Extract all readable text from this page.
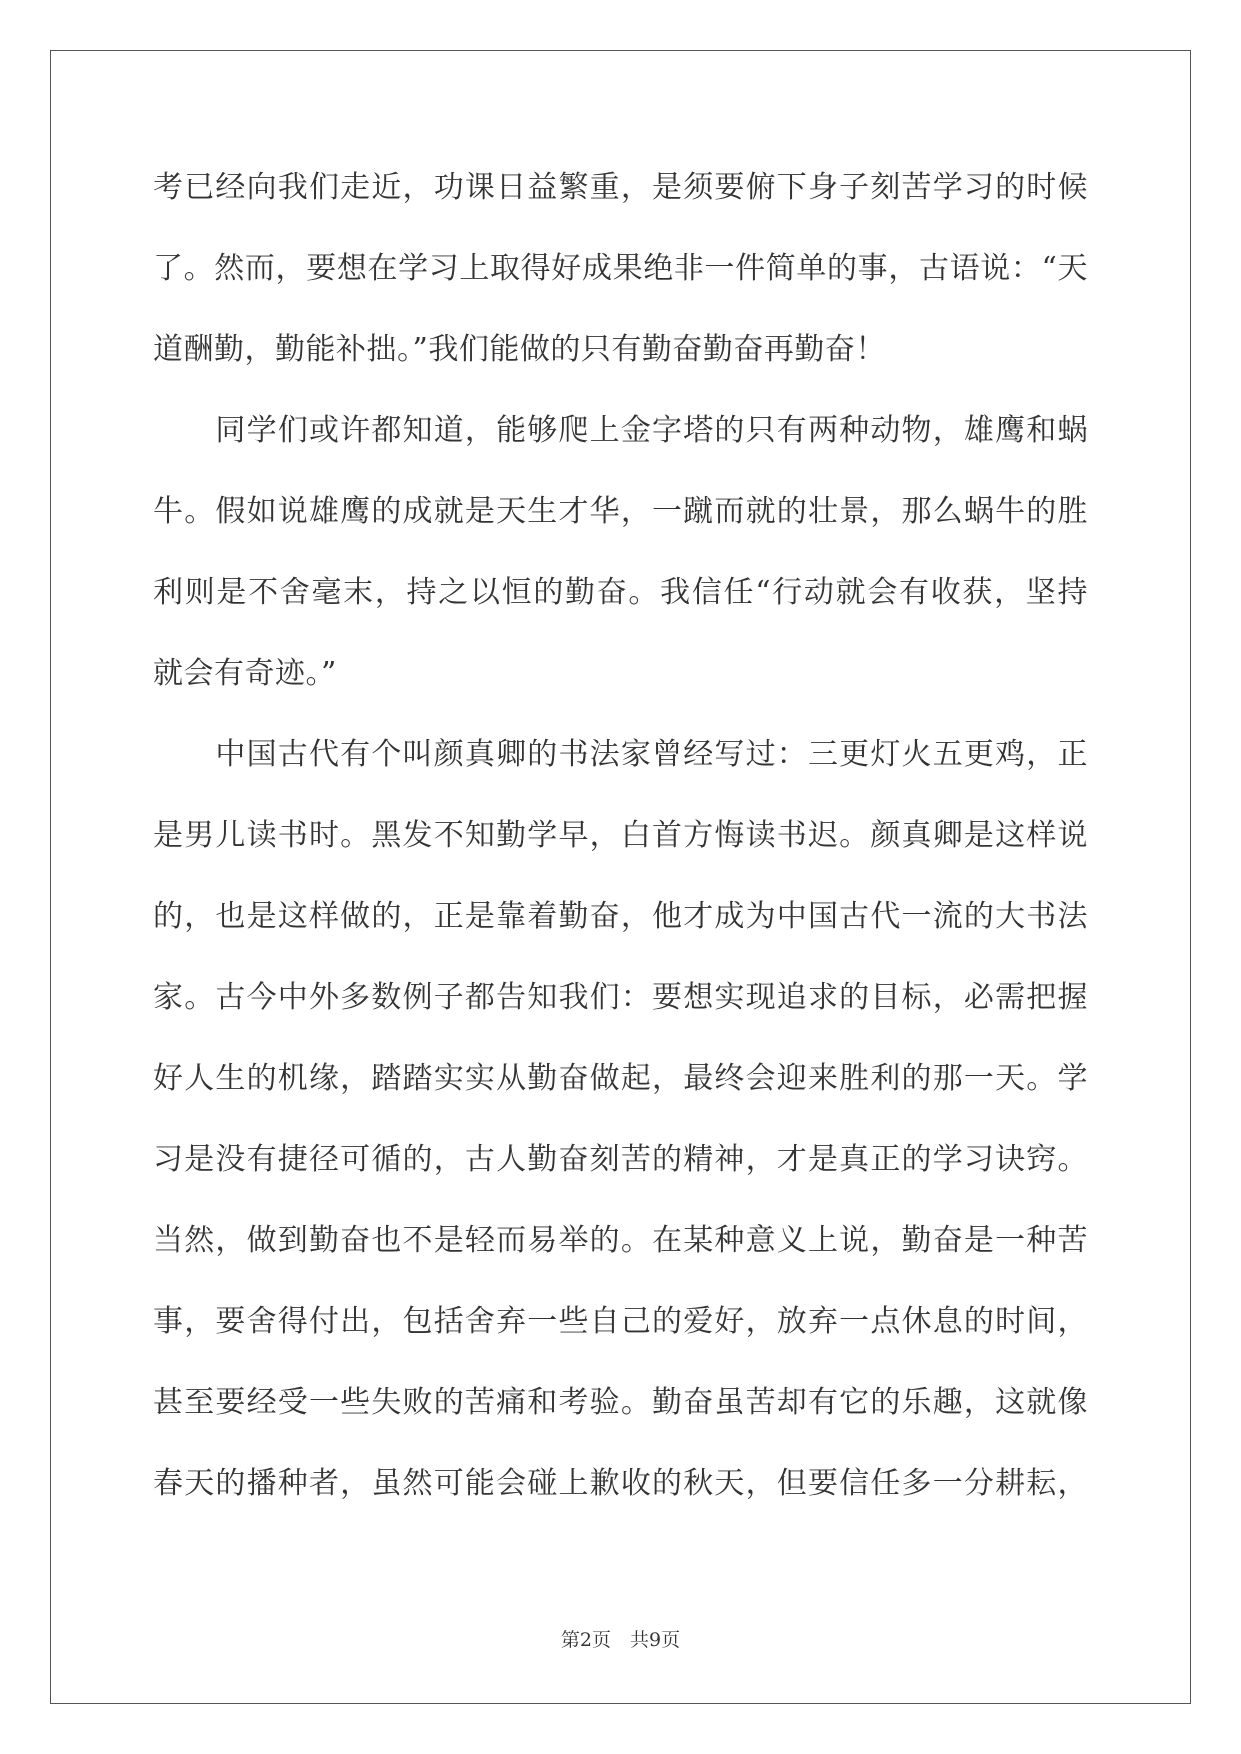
考已经向我们走近，功课日益繁重，是须要俯下身子刻苦学习的时候
了。然而，要想在学习上取得好成果绝非一件简单的事，古语说：“天
道酬勤，勤能补拙。”我们能做的只有勤奋勤奋再勤奋！
　　同学们或许都知道，能够爬上金字塔的只有两种动物，雄鹰和蜗
牛。假如说雄鹰的成就是天生才华，一蹴而就的壮景，那么蜗牛的胜
利则是不舍毫末，持之以恒的勤奋。我信任“行动就会有收获，坚持
就会有奇迹。”
　　中国古代有个叫颜真卿的书法家曾经写过：三更灯火五更鸡，正
是男儿读书时。黑发不知勤学早，白首方悔读书迟。颜真卿是这样说
的，也是这样做的，正是靠着勤奋，他才成为中国古代一流的大书法
家。古今中外多数例子都告知我们：要想实现追求的目标，必需把握
好人生的机缘，踏踏实实从勤奋做起，最终会迎来胜利的那一天。学
习是没有捷径可循的，古人勤奋刻苦的精神，才是真正的学习诀窍。
当然，做到勤奋也不是轻而易举的。在某种意义上说，勤奋是一种苦
事，要舍得付出，包括舍弃一些自己的爱好，放弃一点休息的时间，
甚至要经受一些失败的苦痛和考验。勤奋虽苦却有它的乐趣，这就像
春天的播种者，虽然可能会碰上歉收的秋天，但要信任多一分耕耘，
第2页　共9页
